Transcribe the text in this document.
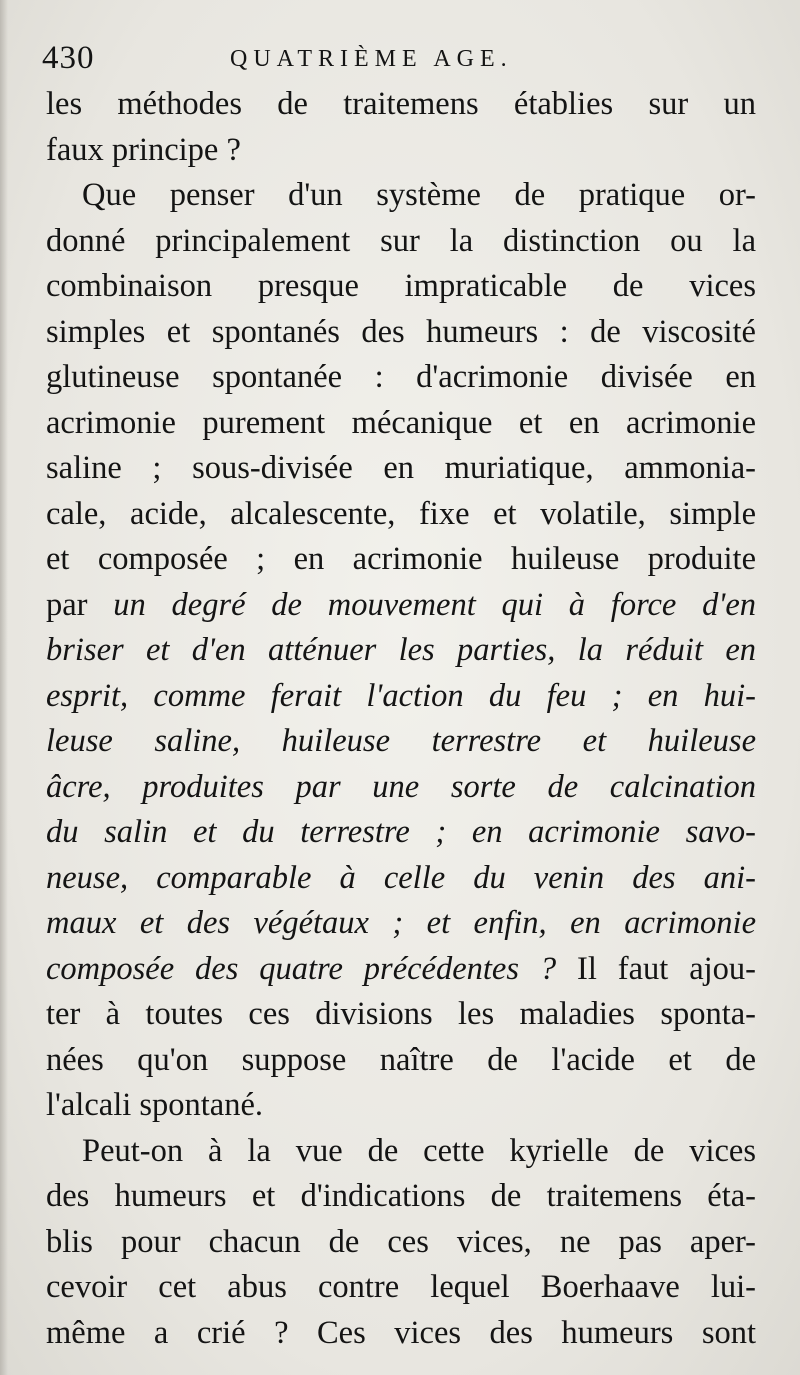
430	QUATRIÈME AGE.
les méthodes de traitemens établies sur un
faux principe ?
Que penser d'un système de pratique or-
donné principalement sur la distinction ou la
combinaison presque impraticable de vices
simples et spontanés des humeurs : de viscosité
glutineuse spontanée : d'acrimonie divisée en
acrimonie purement mécanique et en acrimonie
saline ; sous-divisée en muriatique, ammonia-
cale, acide, alcalescente, fixe et volatile, simple
et composée ; en acrimonie huileuse produite
par un degré de mouvement qui à force d'en
briser et d'en atténuer les parties, la réduit en
esprit, comme ferait l'action du feu ; en hui-
leuse saline, huileuse terrestre et huileuse
âcre, produites par une sorte de calcination
du salin et du terrestre ; en acrimonie savo-
neuse, comparable à celle du venin des ani-
maux et des végétaux ; et enfin, en acrimonie
composée des quatre précédentes ? Il faut ajou-
ter à toutes ces divisions les maladies sponta-
nées qu'on suppose naître de l'acide et de
l'alcali spontané.
Peut-on à la vue de cette kyrielle de vices
des humeurs et d'indications de traitemens éta-
blis pour chacun de ces vices, ne pas aper-
cevoir cet abus contre lequel Boerhaave lui-
même a crié ? Ces vices des humeurs sont
